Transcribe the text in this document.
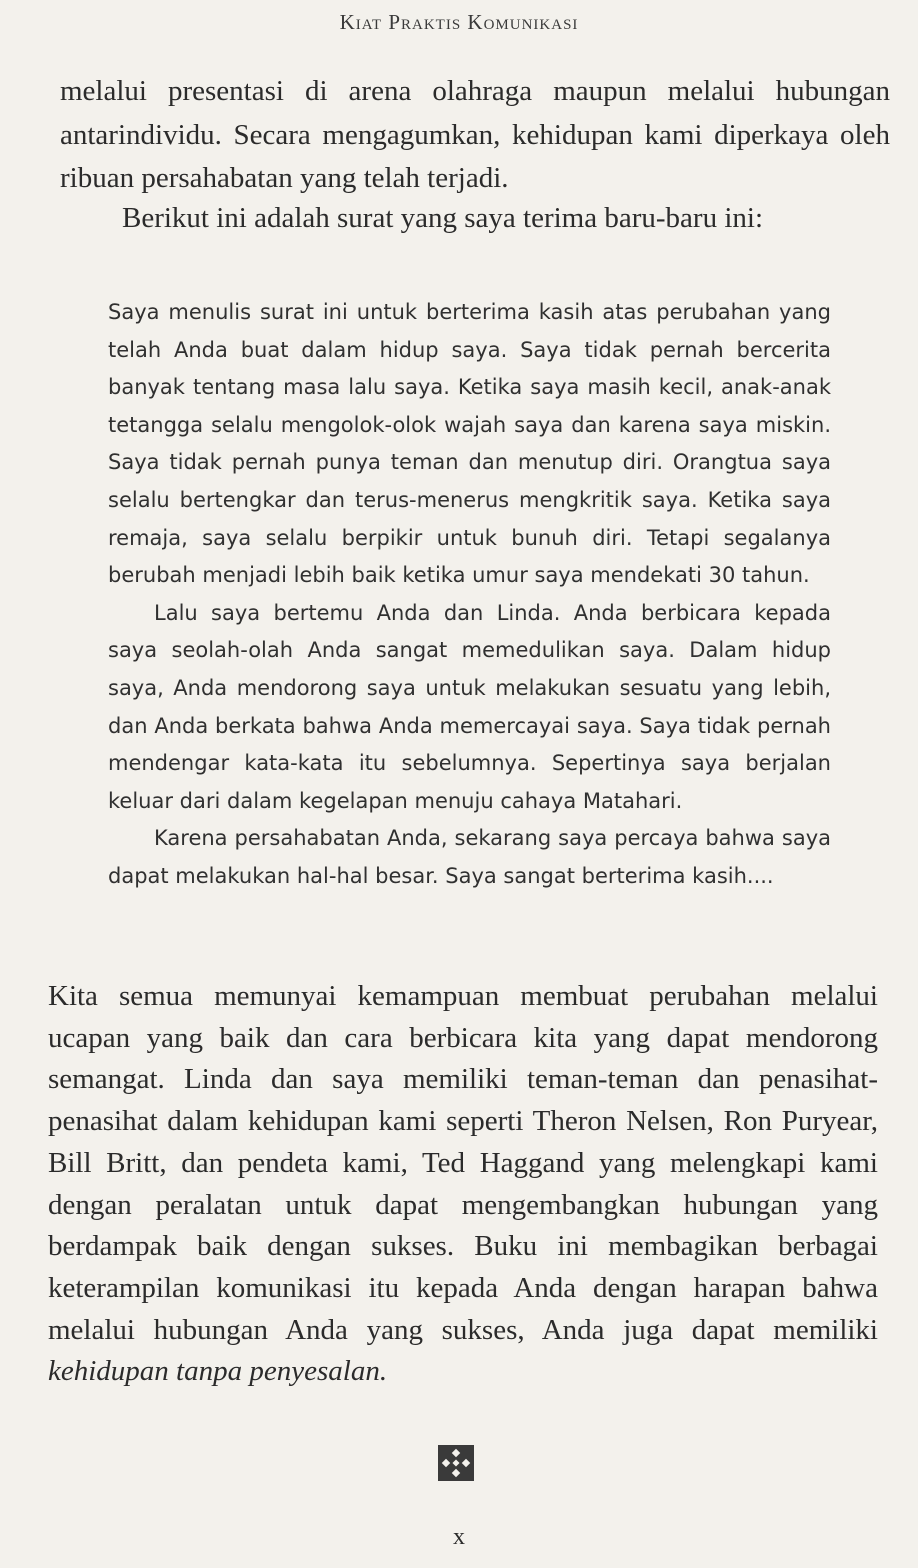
Kiat Praktis Komunikasi

melalui presentasi di arena olahraga maupun melalui hubungan antarindividu. Secara mengagumkan, kehidupan kami diperkaya oleh ribuan persahabatan yang telah terjadi.

Berikut ini adalah surat yang saya terima baru-baru ini:

Saya menulis surat ini untuk berterima kasih atas perubahan yang telah Anda buat dalam hidup saya. Saya tidak pernah bercerita banyak tentang masa lalu saya. Ketika saya masih kecil, anak-anak tetangga selalu mengolok-olok wajah saya dan karena saya miskin. Saya tidak pernah punya teman dan menutup diri. Orangtua saya selalu bertengkar dan terus-menerus mengkritik saya. Ketika saya remaja, saya selalu berpikir untuk bunuh diri. Tetapi segalanya berubah menjadi lebih baik ketika umur saya mendekati 30 tahun.

Lalu saya bertemu Anda dan Linda. Anda berbicara kepada saya seolah-olah Anda sangat memedulikan saya. Dalam hidup saya, Anda mendorong saya untuk melakukan sesuatu yang lebih, dan Anda berkata bahwa Anda memercayai saya. Saya tidak pernah mendengar kata-kata itu sebelumnya. Sepertinya saya berjalan keluar dari dalam kegelapan menuju cahaya Matahari.

Karena persahabatan Anda, sekarang saya percaya bahwa saya dapat melakukan hal-hal besar. Saya sangat berterima kasih....

Kita semua memunyai kemampuan membuat perubahan melalui ucapan yang baik dan cara berbicara kita yang dapat mendorong semangat. Linda dan saya memiliki teman-teman dan penasihat-penasihat dalam kehidupan kami seperti Theron Nelsen, Ron Puryear, Bill Britt, dan pendeta kami, Ted Haggand yang melengkapi kami dengan peralatan untuk dapat mengembangkan hubungan yang berdampak baik dengan sukses. Buku ini membagikan berbagai keterampilan komunikasi itu kepada Anda dengan harapan bahwa melalui hubungan Anda yang sukses, Anda juga dapat memiliki kehidupan tanpa penyesalan.

x
